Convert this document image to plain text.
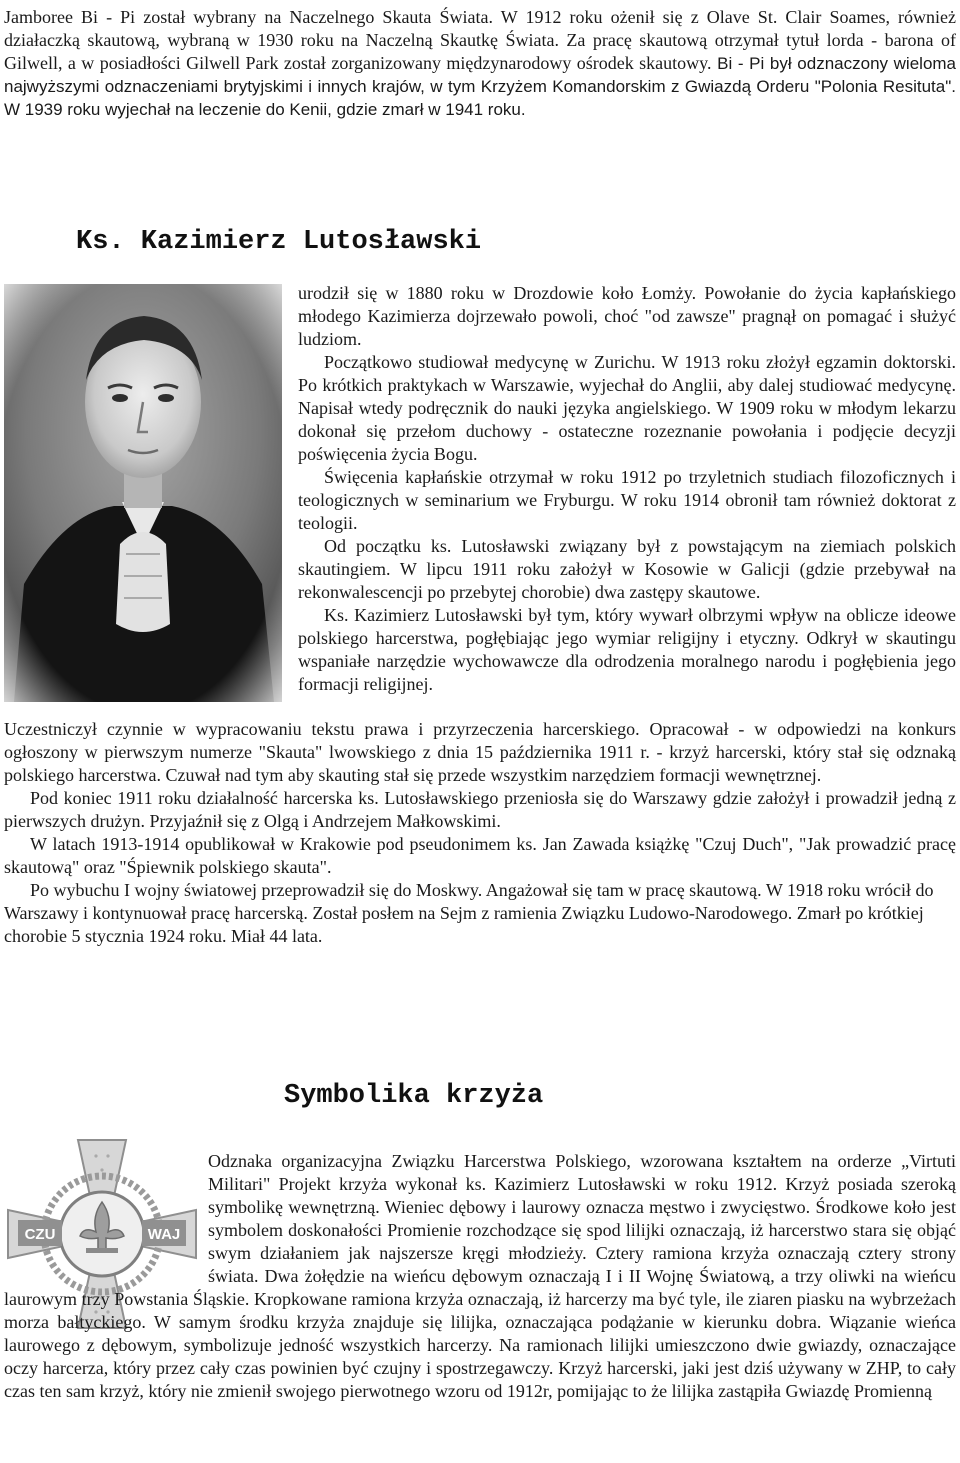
Jamboree Bi - Pi został wybrany na Naczelnego Skauta Świata. W 1912 roku ożenił się z Olave St. Clair Soames, również działaczką skautową, wybraną w 1930 roku na Naczelną Skautkę Świata. Za pracę skautową otrzymał tytuł lorda - barona of Gilwell, a w posiadłości Gilwell Park został zorganizowany międzynarodowy ośrodek skautowy. Bi - Pi był odznaczony wieloma najwyższymi odznaczeniami brytyjskimi i innych krajów, w tym Krzyżem Komandorskim z Gwiazdą Orderu "Polonia Resituta". W 1939 roku wyjechał na leczenie do Kenii, gdzie zmarł w 1941 roku.

Ks. Kazimierz Lutosławski

urodził się w 1880 roku w Drozdowie koło Łomży. Powołanie do życia kapłańskiego młodego Kazimierza dojrzewało powoli, choć "od zawsze" pragnął on pomagać i służyć ludziom.

Początkowo studiował medycynę w Zurichu. W 1913 roku złożył egzamin doktorski. Po krótkich praktykach w Warszawie, wyjechał do Anglii, aby dalej studiować medycynę. Napisał wtedy podręcznik do nauki języka angielskiego. W 1909 roku w młodym lekarzu dokonał się przełom duchowy - ostateczne rozeznanie powołania i podjęcie decyzji poświęcenia życia Bogu.

Święcenia kapłańskie otrzymał w roku 1912 po trzyletnich studiach filozoficznych i teologicznych w seminarium we Fryburgu. W roku 1914 obronił tam również doktorat z teologii.

Od początku ks. Lutosławski związany był z powstającym na ziemiach polskich skautingiem. W lipcu 1911 roku założył w Kosowie w Galicji (gdzie przebywał na rekonwalescencji po przebytej chorobie) dwa zastępy skautowe.

Ks. Kazimierz Lutosławski był tym, który wywarł olbrzymi wpływ na oblicze ideowe polskiego harcerstwa, pogłębiając jego wymiar religijny i etyczny. Odkrył w skautingu wspaniałe narzędzie wychowawcze dla odrodzenia moralnego narodu i pogłębienia jego formacji religijnej.

Uczestniczył czynnie w wypracowaniu tekstu prawa i przyrzeczenia harcerskiego. Opracował - w odpowiedzi na konkurs ogłoszony w pierwszym numerze "Skauta" lwowskiego z dnia 15 października 1911 r. - krzyż harcerski, który stał się odznaką polskiego harcerstwa. Czuwał nad tym aby skauting stał się przede wszystkim narzędziem formacji wewnętrznej.

Pod koniec 1911 roku działalność harcerska ks. Lutosławskiego przeniosła się do Warszawy gdzie założył i prowadził jedną z pierwszych drużyn. Przyjaźnił się z Olgą i Andrzejem Małkowskimi.

W latach 1913-1914 opublikował w Krakowie pod pseudonimem ks. Jan Zawada książkę "Czuj Duch", "Jak prowadzić pracę skautową" oraz "Śpiewnik polskiego skauta".

Po wybuchu I wojny światowej przeprowadził się do Moskwy. Angażował się tam w pracę skautową. W 1918 roku wrócił do Warszawy i kontynuował pracę harcerską. Został posłem na Sejm z ramienia Związku Ludowo-Narodowego. Zmarł po krótkiej chorobie 5 stycznia 1924 roku. Miał 44 lata.

Symbolika krzyża
CZU	WAJ

Odznaka organizacyjna Związku Harcerstwa Polskiego, wzorowana kształtem na orderze „Virtuti Militari" Projekt krzyża wykonał ks. Kazimierz Lutosławski w roku 1912. Krzyż posiada szeroką symbolikę wewnętrzną. Wieniec dębowy i laurowy oznacza męstwo i zwycięstwo. Środkowe koło jest symbolem doskonałości Promienie rozchodzące się spod lilijki oznaczają, iż harcerstwo stara się objąć swym działaniem jak najszersze kręgi młodzieży. Cztery ramiona krzyża oznaczają cztery strony świata. Dwa żołędzie na wieńcu dębowym oznaczają I i II Wojnę Światową, a trzy oliwki na wieńcu laurowym trzy Powstania Śląskie. Kropkowane ramiona krzyża oznaczają, iż harcerzy ma być tyle, ile ziaren piasku na wybrzeżach morza bałtyckiego. W samym środku krzyża znajduje się lilijka, oznaczająca podążanie w kierunku dobra. Wiązanie wieńca laurowego z dębowym, symbolizuje jedność wszystkich harcerzy. Na ramionach lilijki umieszczono dwie gwiazdy, oznaczające oczy harcerza, który przez cały czas powinien być czujny i spostrzegawczy. Krzyż harcerski, jaki jest dziś używany w ZHP, to cały czas ten sam krzyż, który nie zmienił swojego pierwotnego wzoru od 1912r, pomijając to że lilijka zastąpiła Gwiazdę Promienną
